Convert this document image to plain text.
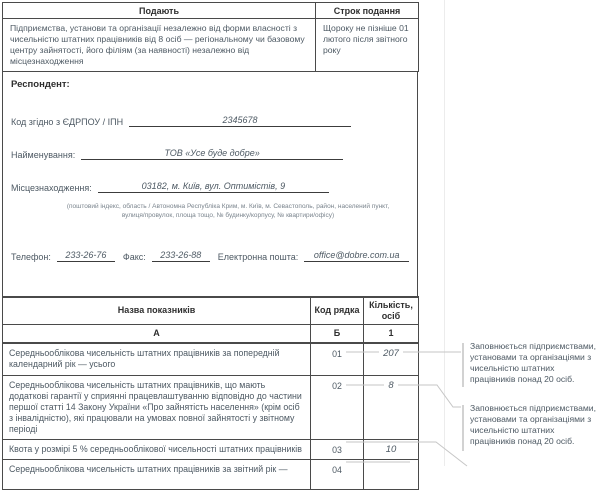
Подають	Строк подання
Підприємства, установи та організації незалежно від форми власності з чисельністю штатних працівників від 8 осіб — регіональному чи базовому центру зайнятості, його філіям (за наявності) незалежно від місцезнаходження	Щороку не пізніше 01 лютого після звітного року
Респондент:
Код згідно з ЄДРПОУ / ІПН	2345678
Найменування:	ТОВ «Усе буде добре»
Місцезнаходження:	03182, м. Київ, вул. Оптимістів, 9
(поштовий індекс, область / Автономна Республіка Крим, м. Київ, м. Севастополь, район, населений пункт, вулиця/провулок, площа тощо, № будинку/корпусу, № квартири/офісу)
Телефон:	233-26-76	Факс:	233-26-88	Електронна пошта:	office@dobre.com.ua
Назва показників	Код рядка	Кількість, осіб
А	Б	1
Середньооблікова чисельність штатних працівників за попередній календарний рік — усього	01	207
Середньооблікова чисельність штатних працівників, що мають додаткові гарантії у сприянні працевлаштуванню відповідно до частини першої статті 14 Закону України «Про зайнятість населення» (крім осіб з інвалідністю), які працювали на умовах повної зайнятості у звітному періоді	02	8
Квота у розмірі 5 % середньооблікової чисельності штатних працівників	03	10
Середньооблікова чисельність штатних працівників за звітний рік —	04	
Заповнюється підприємствами, установами та організаціями з чисельністю штатних працівників понад 20 осіб.
Заповнюється підприємствами, установами та організаціями з чисельністю штатних працівників понад 20 осіб.
